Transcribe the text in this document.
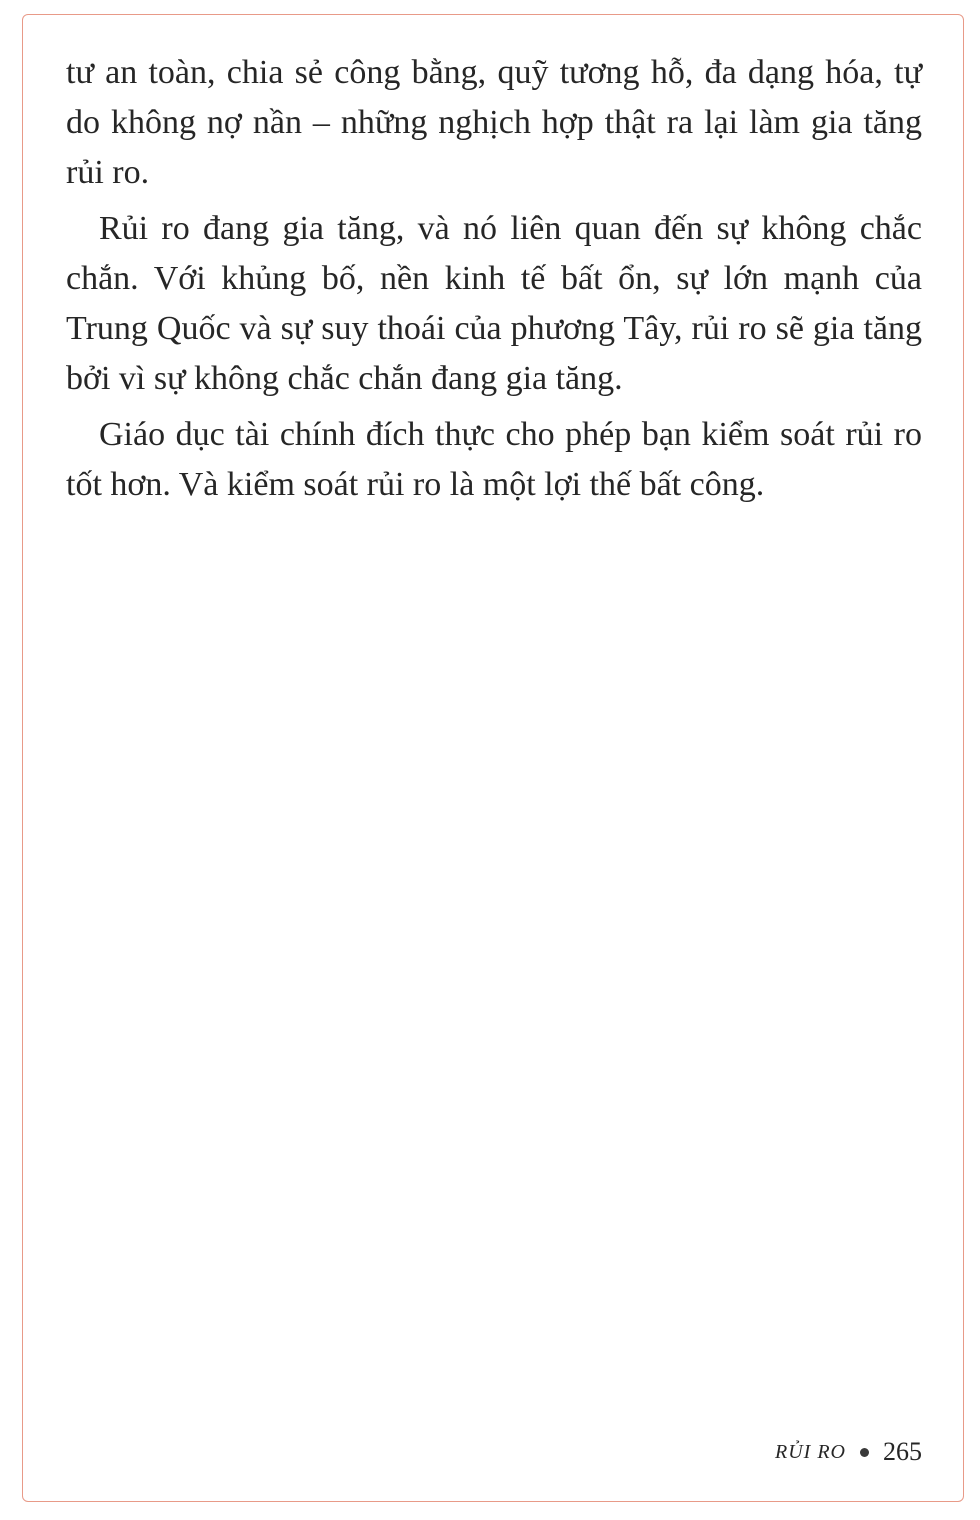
tư an toàn, chia sẻ công bằng, quỹ tương hỗ, đa dạng hóa, tự do không nợ nần – những nghịch hợp thật ra lại làm gia tăng rủi ro.

Rủi ro đang gia tăng, và nó liên quan đến sự không chắc chắn. Với khủng bố, nền kinh tế bất ổn, sự lớn mạnh của Trung Quốc và sự suy thoái của phương Tây, rủi ro sẽ gia tăng bởi vì sự không chắc chắn đang gia tăng.

Giáo dục tài chính đích thực cho phép bạn kiểm soát rủi ro tốt hơn. Và kiểm soát rủi ro là một lợi thế bất công.

RỦI RO 265
